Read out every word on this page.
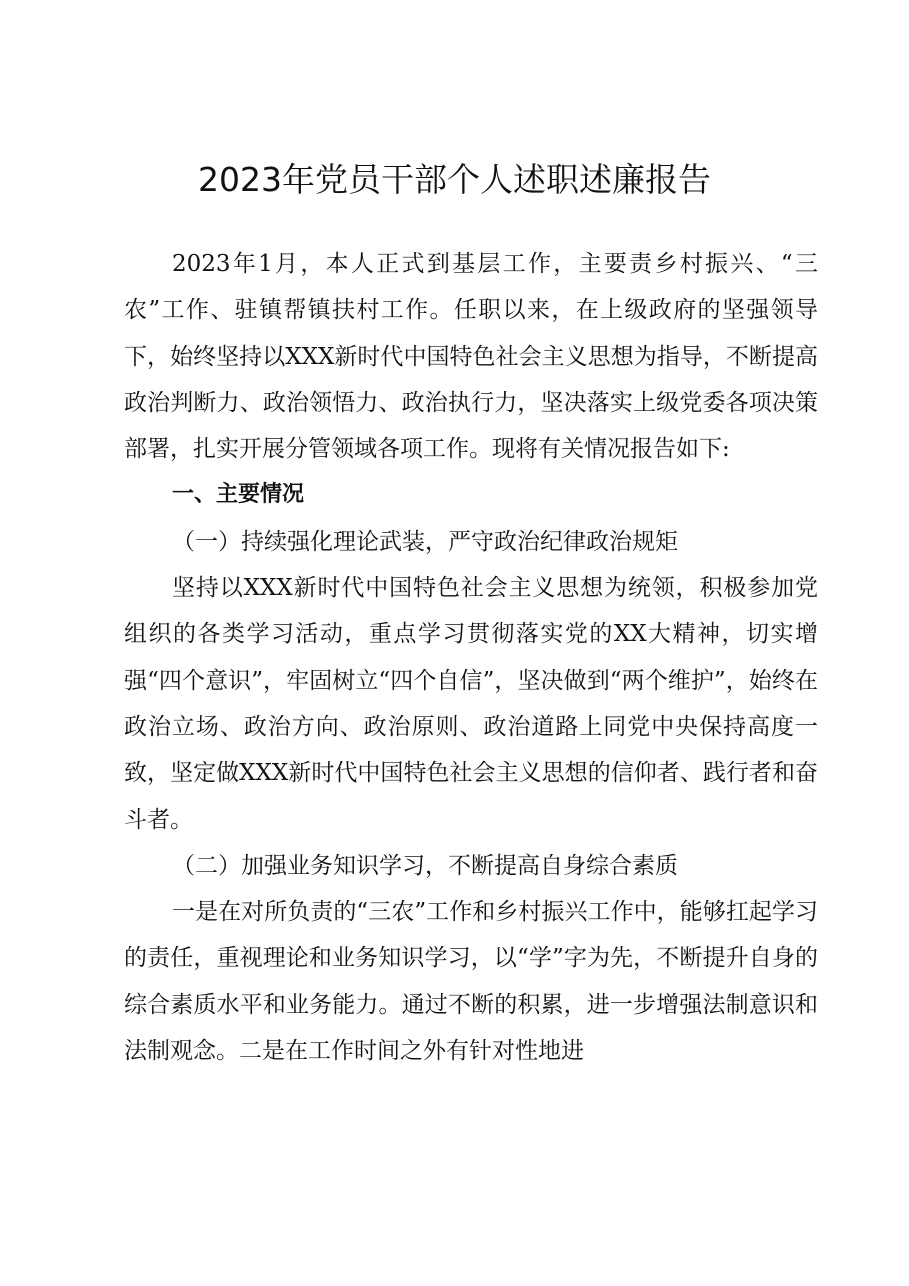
2023年党员干部个人述职述廉报告

2023年1月，本人正式到基层工作，主要责乡村振兴、“三农”工作、驻镇帮镇扶村工作。任职以来，在上级政府的坚强领导下，始终坚持以XXX新时代中国特色社会主义思想为指导，不断提高政治判断力、政治领悟力、政治执行力，坚决落实上级党委各项决策部署，扎实开展分管领域各项工作。现将有关情况报告如下:

一、主要情况

（一）持续强化理论武装，严守政治纪律政治规矩

坚持以XXX新时代中国特色社会主义思想为统领，积极参加党组织的各类学习活动，重点学习贯彻落实党的XX大精神，切实增强“四个意识”，牢固树立“四个自信”，坚决做到“两个维护”，始终在政治立场、政治方向、政治原则、政治道路上同党中央保持高度一致，坚定做XXX新时代中国特色社会主义思想的信仰者、践行者和奋斗者。

（二）加强业务知识学习，不断提高自身综合素质

一是在对所负责的“三农”工作和乡村振兴工作中，能够扛起学习的责任，重视理论和业务知识学习，以“学”字为先，不断提升自身的综合素质水平和业务能力。通过不断的积累，进一步增强法制意识和法制观念。二是在工作时间之外有针对性地进
